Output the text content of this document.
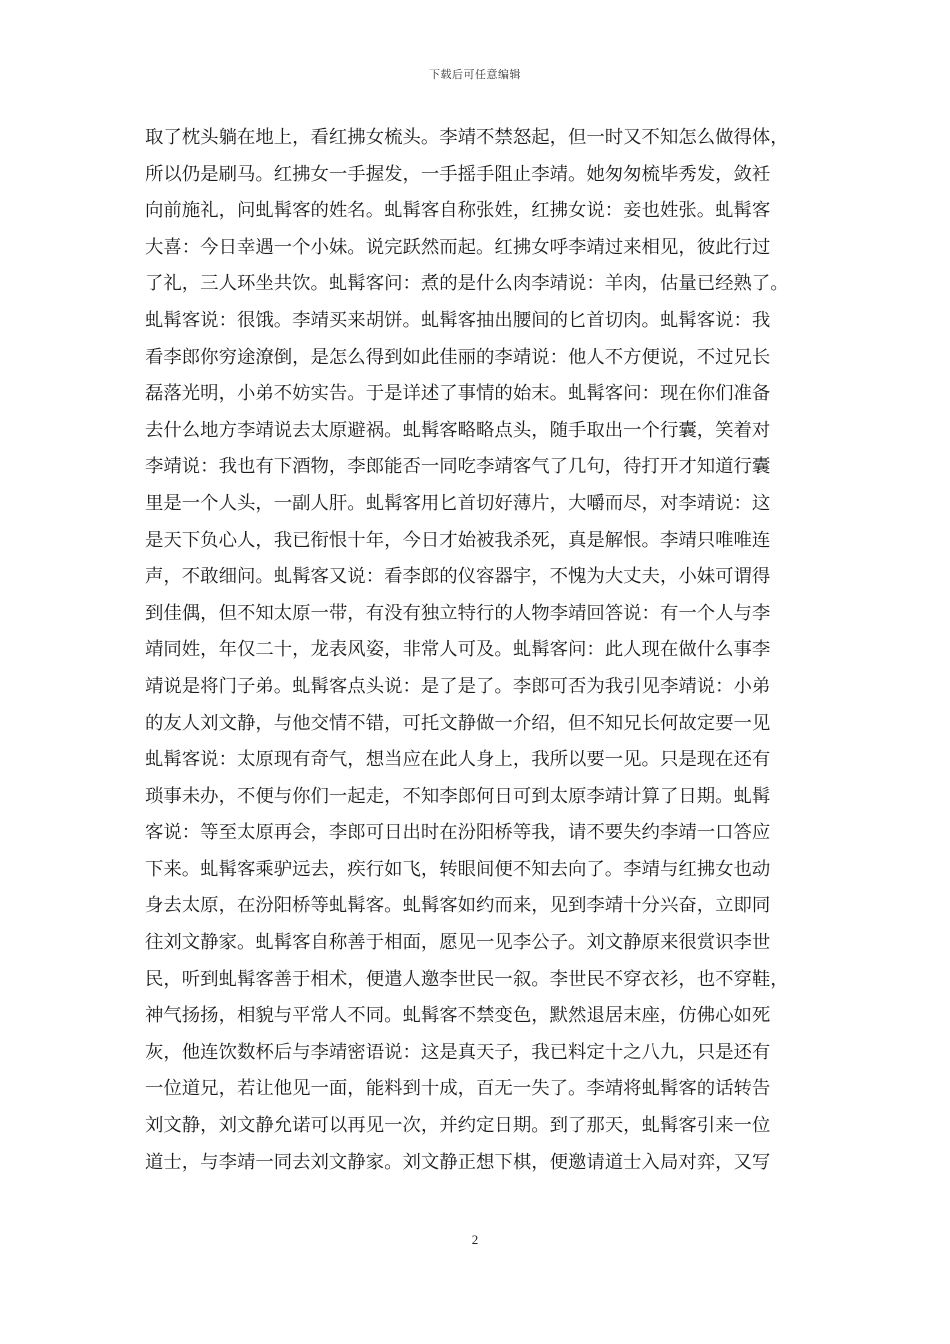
下载后可任意编辑
取了枕头躺在地上，看红拂女梳头。李靖不禁怒起，但一时又不知怎么做得体，
所以仍是刷马。红拂女一手握发，一手摇手阻止李靖。她匆匆梳毕秀发，敛衽
向前施礼，问虬髯客的姓名。虬髯客自称张姓，红拂女说：妾也姓张。虬髯客
大喜：今日幸遇一个小妹。说完跃然而起。红拂女呼李靖过来相见，彼此行过
了礼，三人环坐共饮。虬髯客问：煮的是什么肉李靖说：羊肉，估量已经熟了。
虬髯客说：很饿。李靖买来胡饼。虬髯客抽出腰间的匕首切肉。虬髯客说：我
看李郎你穷途潦倒，是怎么得到如此佳丽的李靖说：他人不方便说，不过兄长
磊落光明，小弟不妨实告。于是详述了事情的始末。虬髯客问：现在你们准备
去什么地方李靖说去太原避祸。虬髯客略略点头，随手取出一个行囊，笑着对
李靖说：我也有下酒物，李郎能否一同吃李靖客气了几句，待打开才知道行囊
里是一个人头，一副人肝。虬髯客用匕首切好薄片，大嚼而尽，对李靖说：这
是天下负心人，我已衔恨十年，今日才始被我杀死，真是解恨。李靖只唯唯连
声，不敢细问。虬髯客又说：看李郎的仪容器宇，不愧为大丈夫，小妹可谓得
到佳偶，但不知太原一带，有没有独立特行的人物李靖回答说：有一个人与李
靖同姓，年仅二十，龙表风姿，非常人可及。虬髯客问：此人现在做什么事李
靖说是将门子弟。虬髯客点头说：是了是了。李郎可否为我引见李靖说：小弟
的友人刘文静，与他交情不错，可托文静做一介绍，但不知兄长何故定要一见
虬髯客说：太原现有奇气，想当应在此人身上，我所以要一见。只是现在还有
琐事未办，不便与你们一起走，不知李郎何日可到太原李靖计算了日期。虬髯
客说：等至太原再会，李郎可日出时在汾阳桥等我，请不要失约李靖一口答应
下来。虬髯客乘驴远去，疾行如飞，转眼间便不知去向了。李靖与红拂女也动
身去太原，在汾阳桥等虬髯客。虬髯客如约而来，见到李靖十分兴奋，立即同
往刘文静家。虬髯客自称善于相面，愿见一见李公子。刘文静原来很赏识李世
民，听到虬髯客善于相术，便遣人邀李世民一叙。李世民不穿衣衫，也不穿鞋，
神气扬扬，相貌与平常人不同。虬髯客不禁变色，默然退居末座，仿佛心如死
灰，他连饮数杯后与李靖密语说：这是真天子，我已料定十之八九，只是还有
一位道兄，若让他见一面，能料到十成，百无一失了。李靖将虬髯客的话转告
刘文静，刘文静允诺可以再见一次，并约定日期。到了那天，虬髯客引来一位
道士，与李靖一同去刘文静家。刘文静正想下棋，便邀请道士入局对弈，又写
2
